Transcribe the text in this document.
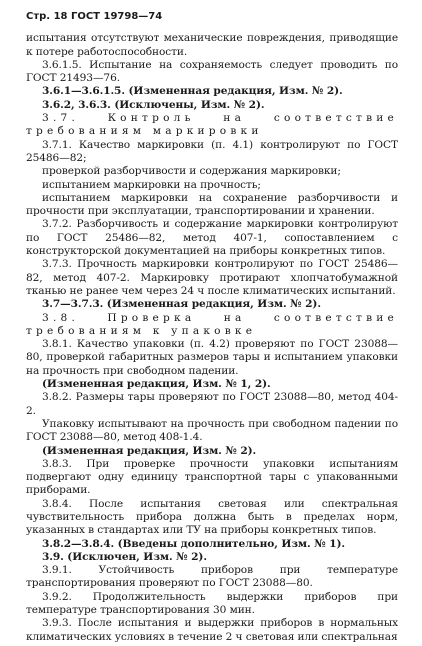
Стр. 18 ГОСТ 19798—74

испытания отсутствуют механические повреждения, приводящие к потере работоспособности.

3.6.1.5. Испытание на сохраняемость следует проводить по ГОСТ 21493—76.

3.6.1—3.6.1.5. (Измененная редакция, Изм. № 2).

3.6.2, 3.6.3. (Исключены, Изм. № 2).

3.7. Контроль на соответствие требованиям маркировки

3.7.1. Качество маркировки (п. 4.1) контролируют по ГОСТ 25486—82;

проверкой разборчивости и содержания маркировки;

испытанием маркировки на прочность;

испытанием маркировки на сохранение разборчивости и прочности при эксплуатации, транспортировании и хранении.

3.7.2. Разборчивость и содержание маркировки контролируют по ГОСТ 25486—82, метод 407-1, сопоставлением с конструкторской документацией на приборы конкретных типов.

3.7.3. Прочность маркировки контролируют по ГОСТ 25486—82, метод 407-2. Маркировку протирают хлопчатобумажной тканью не ранее чем через 24 ч после климатических испытаний.

3.7—3.7.3. (Измененная редакция, Изм. № 2).

3.8. Проверка на соответствие требованиям к упаковке

3.8.1. Качество упаковки (п. 4.2) проверяют по ГОСТ 23088—80, проверкой габаритных размеров тары и испытанием упаковки на прочность при свободном падении.

(Измененная редакция, Изм. № 1, 2).

3.8.2. Размеры тары проверяют по ГОСТ 23088—80, метод 404-2.

Упаковку испытывают на прочность при свободном падении по ГОСТ 23088—80, метод 408-1.4.

(Измененная редакция, Изм. № 2).

3.8.3. При проверке прочности упаковки испытаниям подвергают одну единицу транспортной тары с упакованными приборами.

3.8.4. После испытания световая или спектральная чувствительность прибора должна быть в пределах норм, указанных в стандартах или ТУ на приборы конкретных типов.

3.8.2—3.8.4. (Введены дополнительно, Изм. № 1).

3.9. (Исключен, Изм. № 2).

3.9.1. Устойчивость приборов при температуре транспортирования проверяют по ГОСТ 23088—80.

3.9.2. Продолжительность выдержки приборов при температуре транспортирования 30 мин.

3.9.3. После испытания и выдержки приборов в нормальных климатических условиях в течение 2 ч световая или спектральная
